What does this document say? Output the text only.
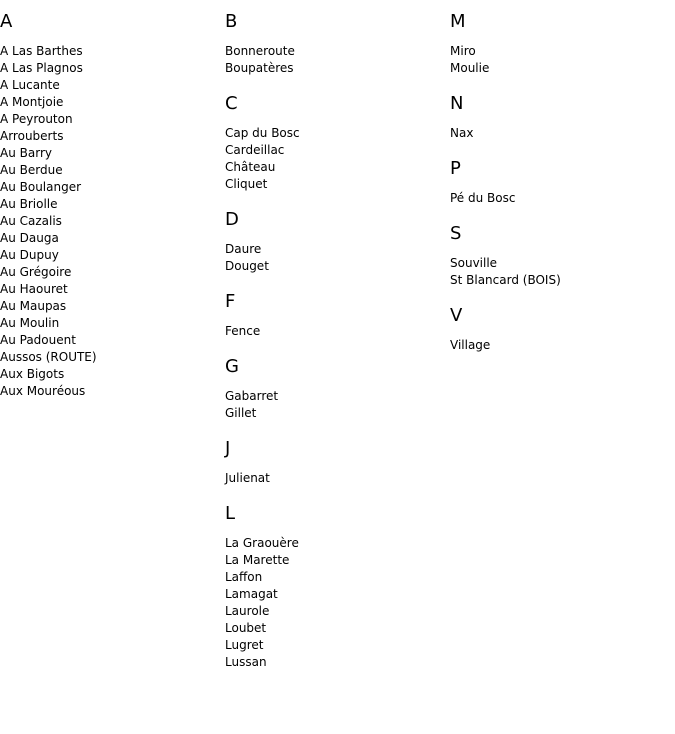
A
A Las Barthes
A Las Plagnos
A Lucante
A Montjoie
A Peyrouton
Arrouberts
Au Barry
Au Berdue
Au Boulanger
Au Briolle
Au Cazalis
Au Dauga
Au Dupuy
Au Grégoire
Au Haouret
Au Maupas
Au Moulin
Au Padouent
Aussos (ROUTE)
Aux Bigots
Aux Mouréous
B
Bonneroute
Boupatères
C
Cap du Bosc
Cardeillac
Château
Cliquet
D
Daure
Douget
F
Fence
G
Gabarret
Gillet
J
Julienat
L
La Graouère
La Marette
Laffon
Lamagat
Laurole
Loubet
Lugret
Lussan
M
Miro
Moulie
N
Nax
P
Pé du Bosc
S
Souville
St Blancard (BOIS)
V
Village
